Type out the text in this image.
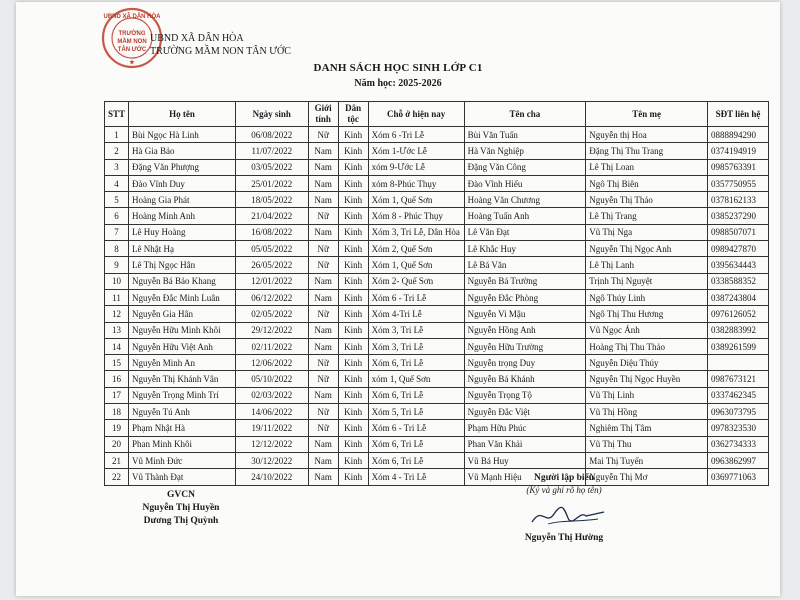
UBND XÃ DÂN HÒA
TRƯỜNG
MẦM NON
TÂN ƯỚC
★
UBND XÃ DÂN HÒA
TRƯỜNG MẦM NON TÂN ƯỚC
DANH SÁCH HỌC SINH LỚP C1
Năm học: 2025-2026
STT	Họ tên	Ngày sinh	Giới tính	Dân tộc	Chỗ ở hiện nay	Tên cha	Tên mẹ	SĐT liên hệ
1	Bùi Ngọc Hà Linh	06/08/2022	Nữ	Kinh	Xóm 6 -Tri Lễ	Bùi Văn Tuấn	Nguyễn thị Hoa	0888894290
2	Hà Gia Bảo	11/07/2022	Nam	Kinh	Xóm 1-Ước Lễ	Hà Văn Nghiệp	Đặng Thị Thu Trang	0374194919
3	Đặng Văn Phượng	03/05/2022	Nam	Kinh	xóm 9-Ước Lễ	Đặng Văn Công	Lê Thị Loan	0985763391
4	Đào Vĩnh Duy	25/01/2022	Nam	Kinh	xóm 8-Phúc Thụy	Đào Vĩnh Hiếu	Ngô Thị Biên	0357750955
5	Hoàng Gia Phát	18/05/2022	Nam	Kinh	Xóm 1, Quế Sơn	Hoàng Văn Chương	Nguyễn Thị Thảo	0378162133
6	Hoàng Minh Anh	21/04/2022	Nữ	Kinh	Xóm 8 - Phúc Thụy	Hoàng Tuấn Anh	Lê Thị Trang	0385237290
7	Lê Huy Hoàng	16/08/2022	Nam	Kinh	Xóm 3, Tri Lễ, Dân Hòa	Lê Văn Đạt	Vũ Thị Nga	0988507071
8	Lê Nhật Hạ	05/05/2022	Nữ	Kinh	Xóm 2, Quế Sơn	Lê Khắc Huy	Nguyễn Thị Ngọc Anh	0989427870
9	Lê Thị Ngọc Hân	26/05/2022	Nữ	Kinh	Xóm 1, Quế Sơn	Lê Bá Văn	Lê Thị Lanh	0395634443
10	Nguyễn Bá Bảo Khang	12/01/2022	Nam	Kinh	Xóm 2- Quế Sơn	Nguyễn Bá Trường	Trịnh Thị Nguyệt	0338588352
11	Nguyễn Đắc Minh Luân	06/12/2022	Nam	Kinh	Xóm 6 - Tri Lễ	Nguyễn Đắc Phòng	Ngô Thúy Linh	0387243804
12	Nguyễn Gia Hân	02/05/2022	Nữ	Kinh	Xóm 4-Tri Lễ	Nguyễn Vi Mậu	Ngô Thị Thu Hương	0976126052
13	Nguyễn Hữu Minh Khôi	29/12/2022	Nam	Kinh	Xóm 3, Tri Lễ	Nguyễn Hồng Anh	Vũ Ngọc Ánh	0382883992
14	Nguyễn Hữu Việt Anh	02/11/2022	Nam	Kinh	Xóm 3, Tri Lễ	Nguyễn Hữu Trường	Hoàng Thị Thu Thảo	0389261599
15	Nguyễn Minh An	12/06/2022	Nữ	Kinh	Xóm 6, Tri Lễ	Nguyễn trọng Duy	Nguyễn Diệu Thúy	
16	Nguyễn Thị Khánh Vân	05/10/2022	Nữ	Kinh	xóm 1, Quế Sơn	Nguyễn Bá Khánh	Nguyễn Thị Ngọc Huyền	0987673121
17	Nguyễn Trọng Minh Trí	02/03/2022	Nam	Kinh	Xóm 6, Tri Lễ	Nguyễn Trọng Tộ	Vũ Thị Linh	0337462345
18	Nguyễn Tú Anh	14/06/2022	Nữ	Kinh	Xóm 5, Tri Lễ	Nguyễn Đắc Việt	Vũ Thị Hồng	0963073795
19	Phạm Nhật Hà	19/11/2022	Nữ	Kinh	Xóm 6 - Tri Lễ	Phạm Hữu Phúc	Nghiêm Thị Tâm	0978323530
20	Phan Minh Khôi	12/12/2022	Nam	Kinh	Xóm 6, Tri Lễ	Phan Văn Khải	Vũ Thị Thu	0362734333
21	Vũ Minh Đức	30/12/2022	Nam	Kinh	Xóm 6, Tri Lễ	Vũ Bá Huy	Mai Thị Tuyến	0963862997
22	Vũ Thành Đạt	24/10/2022	Nam	Kinh	Xóm 4 - Tri Lễ	Vũ Mạnh Hiệu	Nguyễn Thị Mơ	0369771063
GVCN
Nguyễn Thị Huyền
Dương Thị Quỳnh
Người lập biểu
(Ký và ghi rõ họ tên)
Nguyễn Thị Hường
